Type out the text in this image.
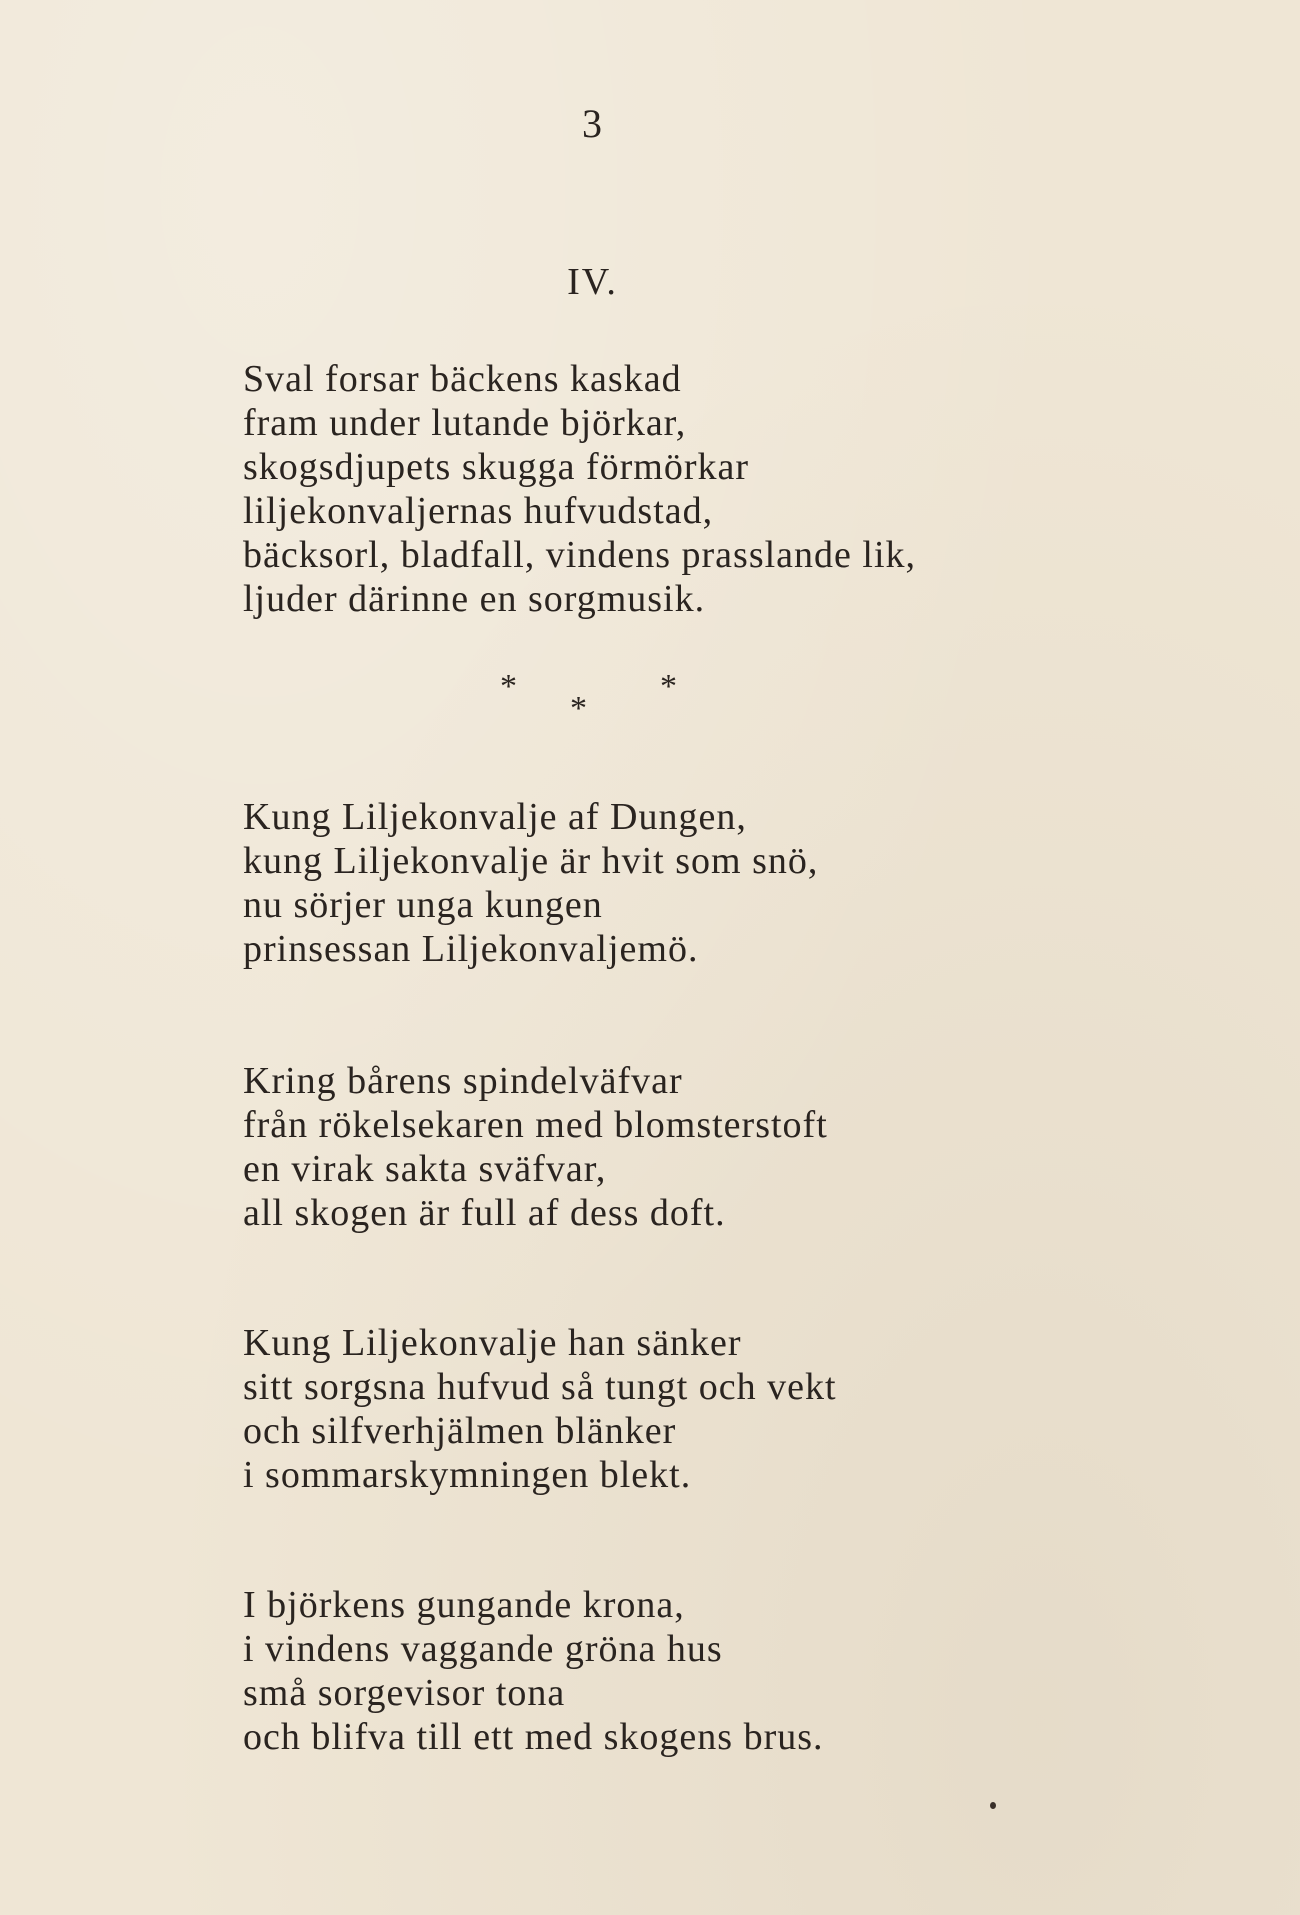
3
IV.
Sval forsar bäckens kaskad
fram under lutande björkar,
skogsdjupets skugga förmörkar
liljekonvaljernas hufvudstad,
bäcksorl, bladfall, vindens prasslande lik,
ljuder därinne en sorgmusik.
*
*
*
Kung Liljekonvalje af Dungen,
kung Liljekonvalje är hvit som snö,
nu sörjer unga kungen
prinsessan Liljekonvaljemö.
Kring bårens spindelväfvar
från rökelsekaren med blomsterstoft
en virak sakta sväfvar,
all skogen är full af dess doft.
Kung Liljekonvalje han sänker
sitt sorgsna hufvud så tungt och vekt
och silfverhjälmen blänker
i sommarskymningen blekt.
I björkens gungande krona,
i vindens vaggande gröna hus
små sorgevisor tona
och blifva till ett med skogens brus.
